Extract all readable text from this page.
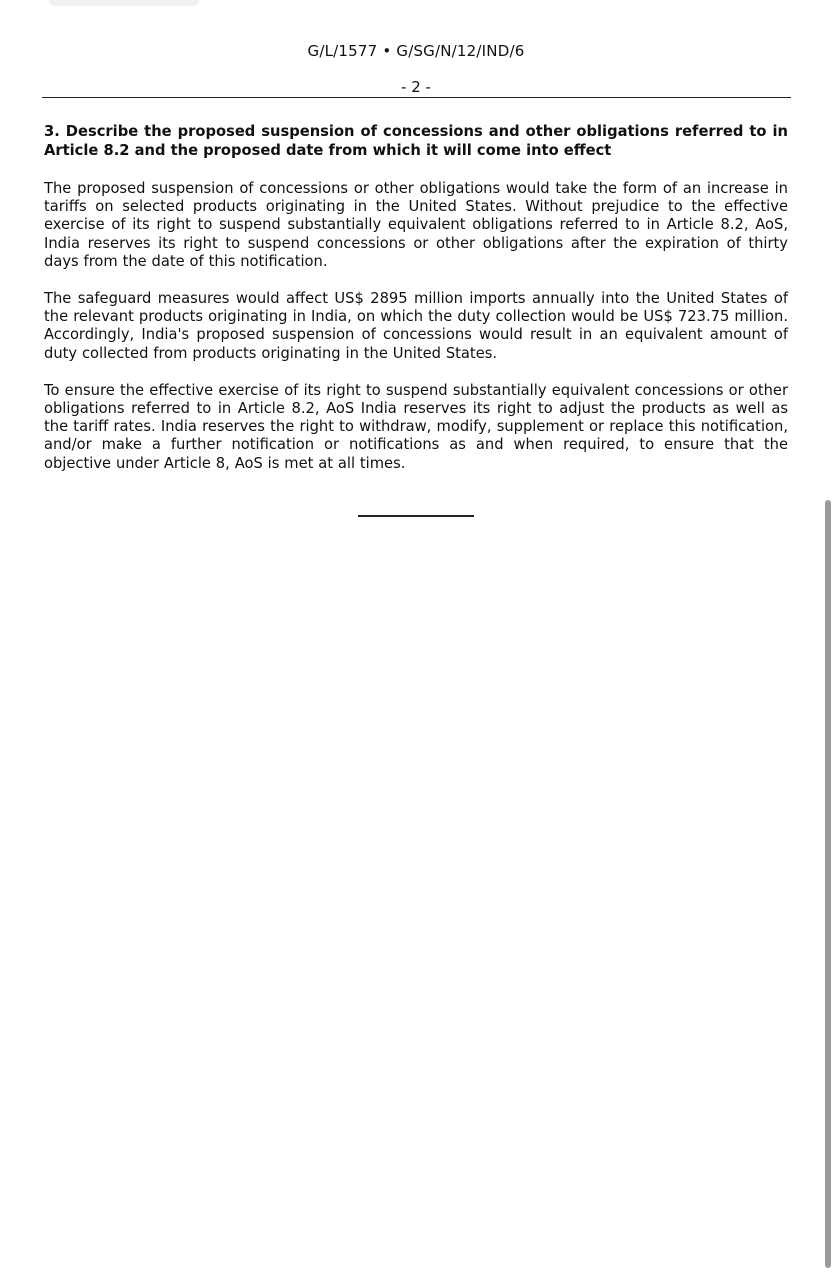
G/L/1577 • G/SG/N/12/IND/6
- 2 -

3. Describe the proposed suspension of concessions and other obligations referred to in Article 8.2 and the proposed date from which it will come into effect

The proposed suspension of concessions or other obligations would take the form of an increase in tariffs on selected products originating in the United States. Without prejudice to the effective exercise of its right to suspend substantially equivalent obligations referred to in Article 8.2, AoS, India reserves its right to suspend concessions or other obligations after the expiration of thirty days from the date of this notification.

The safeguard measures would affect US$ 2895 million imports annually into the United States of the relevant products originating in India, on which the duty collection would be US$ 723.75 million. Accordingly, India's proposed suspension of concessions would result in an equivalent amount of duty collected from products originating in the United States.

To ensure the effective exercise of its right to suspend substantially equivalent concessions or other obligations referred to in Article 8.2, AoS India reserves its right to adjust the products as well as the tariff rates. India reserves the right to withdraw, modify, supplement or replace this notification, and/or make a further notification or notifications as and when required, to ensure that the objective under Article 8, AoS is met at all times.
